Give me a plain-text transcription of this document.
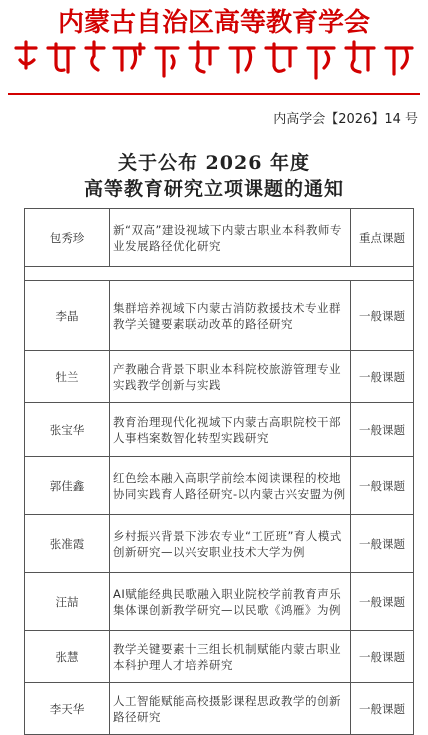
内蒙古自治区高等教育学会
内高学会【2026】14 号
关于公布 2026 年度
高等教育研究立项课题的通知
包秀珍	新“双高”建设视域下内蒙古职业本科教师专业发展路径优化研究	重点课题

李晶	集群培养视域下内蒙古消防救援技术专业群教学关键要素联动改革的路径研究	一般课题
牡兰	产教融合背景下职业本科院校旅游管理专业实践教学创新与实践	一般课题
张宝华	教育治理现代化视域下内蒙古高职院校干部人事档案数智化转型实践研究	一般课题
郭佳鑫	红色绘本融入高职学前绘本阅读课程的校地协同实践育人路径研究-以内蒙古兴安盟为例	一般课题
张准霞	乡村振兴背景下涉农专业“工匠班”育人模式创新研究—以兴安职业技术大学为例	一般课题
汪喆	AI赋能经典民歌融入职业院校学前教育声乐集体课创新教学研究—以民歌《鸿雁》为例	一般课题
张慧	教学关键要素十三组长机制赋能内蒙古职业本科护理人才培养研究	一般课题
李天华	人工智能赋能高校摄影课程思政教学的创新路径研究	一般课题
